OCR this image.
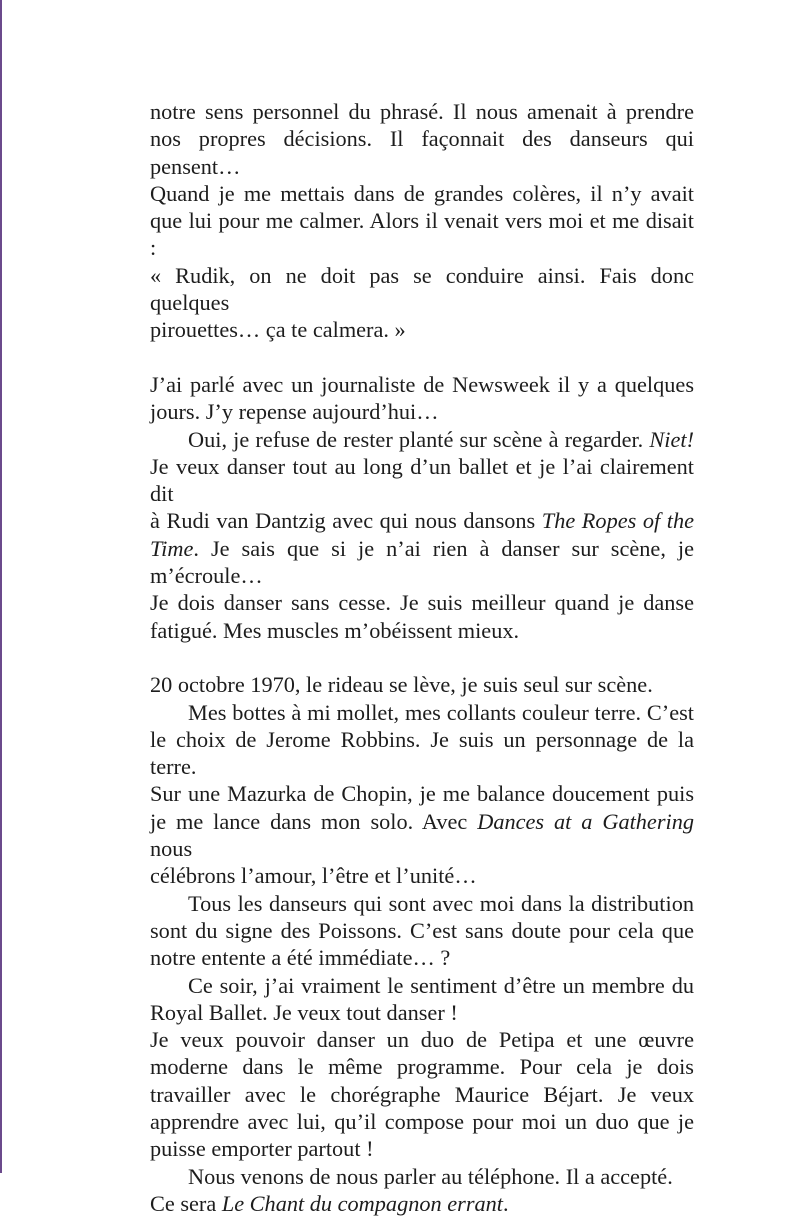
notre sens personnel du phrasé. Il nous amenait à prendre
nos propres décisions. Il façonnait des danseurs qui pensent…
Quand je me mettais dans de grandes colères, il n’y avait
que lui pour me calmer. Alors il venait vers moi et me disait :
« Rudik, on ne doit pas se conduire ainsi. Fais donc quelques
pirouettes… ça te calmera. »
J’ai parlé avec un journaliste de Newsweek il y a quelques
jours. J’y repense aujourd’hui…
Oui, je refuse de rester planté sur scène à regarder. Niet!
Je veux danser tout au long d’un ballet et je l’ai clairement dit
à Rudi van Dantzig avec qui nous dansons The Ropes of the
Time. Je sais que si je n’ai rien à danser sur scène, je m’écroule…
Je dois danser sans cesse. Je suis meilleur quand je danse
fatigué. Mes muscles m’obéissent mieux.
20 octobre 1970, le rideau se lève, je suis seul sur scène.
Mes bottes à mi mollet, mes collants couleur terre. C’est
le choix de Jerome Robbins. Je suis un personnage de la terre.
Sur une Mazurka de Chopin, je me balance doucement puis
je me lance dans mon solo. Avec Dances at a Gathering nous
célébrons l’amour, l’être et l’unité…
Tous les danseurs qui sont avec moi dans la distribution
sont du signe des Poissons. C’est sans doute pour cela que
notre entente a été immédiate… ?
Ce soir, j’ai vraiment le sentiment d’être un membre du
Royal Ballet. Je veux tout danser !
Je veux pouvoir danser un duo de Petipa et une œuvre
moderne dans le même programme. Pour cela je dois
travailler avec le chorégraphe Maurice Béjart. Je veux
apprendre avec lui, qu’il compose pour moi un duo que je
puisse emporter partout !
Nous venons de nous parler au téléphone. Il a accepté.
Ce sera Le Chant du compagnon errant.
